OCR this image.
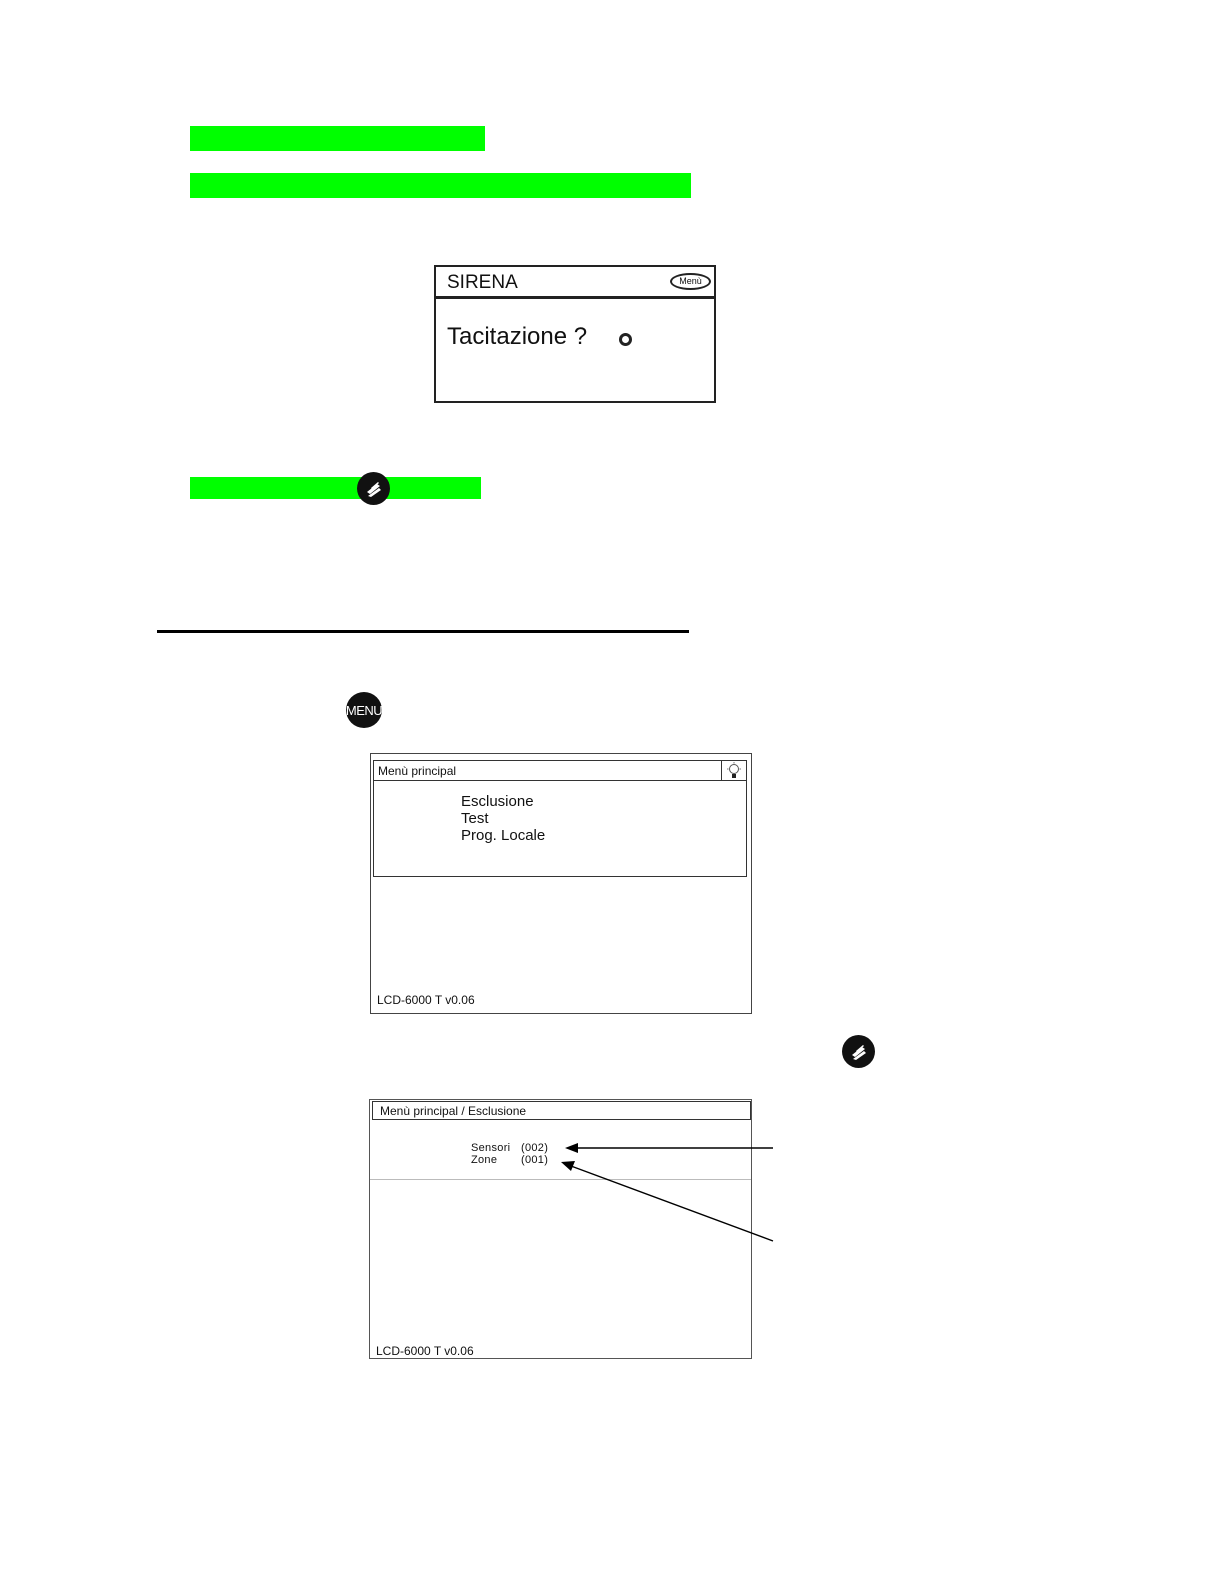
SIRENA	Menù
Tacitazione ?
MENU
Menù principal
Esclusione
Test
Prog. Locale
LCD-6000 T v0.06
Menù principal / Esclusione
Sensori (002)
Zone (001)
LCD-6000 T v0.06
